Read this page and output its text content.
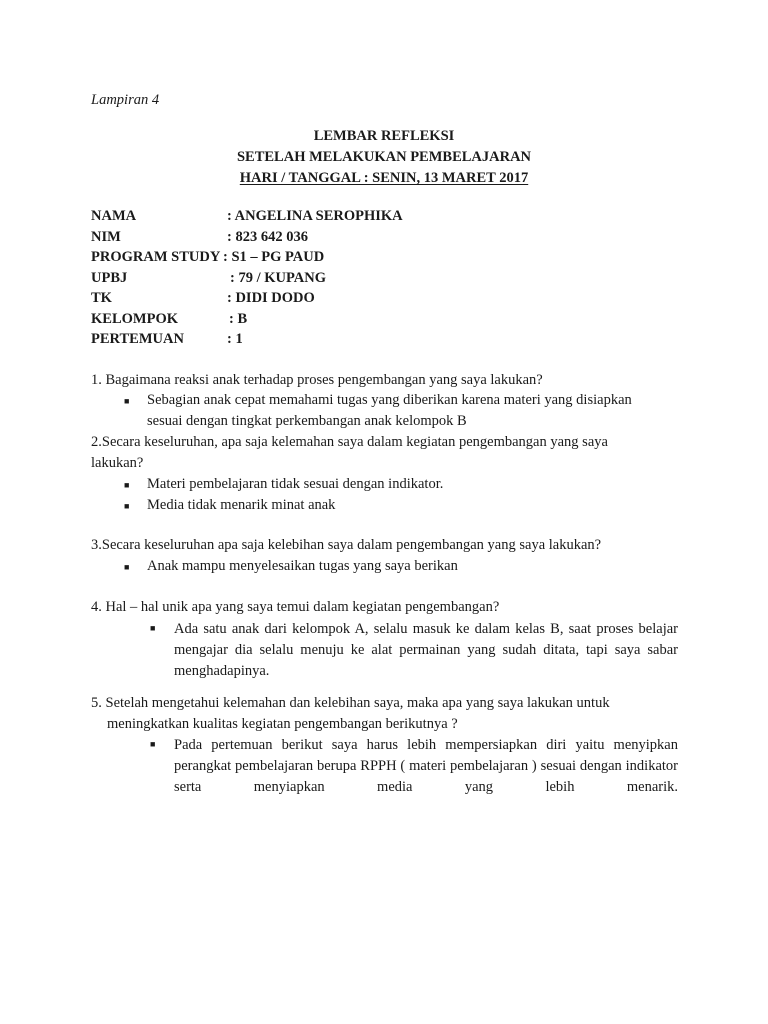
Lampiran 4
LEMBAR REFLEKSI
SETELAH MELAKUKAN PEMBELAJARAN
HARI / TANGGAL : SENIN, 13 MARET 2017
NAMA	: ANGELINA SEROPHIKA
NIM	: 823 642 036
PROGRAM STUDY : S1 – PG PAUD
UPBJ	: 79 / KUPANG
TK	: DIDI DODO
KELOMPOK	: B
PERTEMUAN	: 1
1. Bagaimana reaksi anak terhadap proses pengembangan yang saya lakukan?
■ Sebagian anak cepat memahami tugas yang diberikan karena materi yang disiapkan
sesuai dengan tingkat perkembangan anak kelompok B
2.Secara keseluruhan, apa saja kelemahan saya dalam kegiatan pengembangan yang saya
lakukan?
■ Materi pembelajaran tidak sesuai dengan indikator.
■ Media tidak menarik minat anak
3.Secara keseluruhan apa saja kelebihan saya dalam pengembangan yang saya lakukan?
■ Anak mampu menyelesaikan tugas yang saya berikan
4. Hal – hal unik apa yang saya temui dalam kegiatan pengembangan?
■ Ada satu anak dari kelompok A, selalu masuk ke dalam kelas B, saat proses belajar mengajar dia selalu menuju ke alat permainan yang sudah ditata, tapi saya sabar menghadapinya.
5. Setelah mengetahui kelemahan dan kelebihan saya, maka apa yang saya lakukan untuk
meningkatkan kualitas kegiatan pengembangan berikutnya ?
■ Pada pertemuan berikut saya harus lebih mempersiapkan diri yaitu menyipkan perangkat pembelajaran berupa RPPH ( materi pembelajaran ) sesuai dengan indikator serta menyiapkan media yang lebih menarik.
